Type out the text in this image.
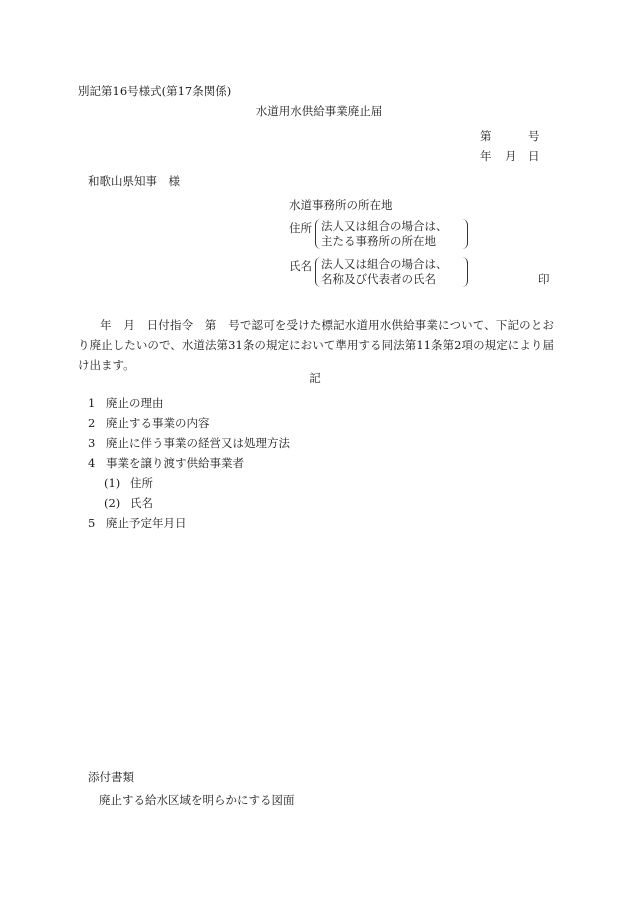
別記第16号様式(第17条関係)
水道用水供給事業廃止届
第	号
年 月 日
和歌山県知事　様
水道事務所の所在地
住所 法人又は組合の場合は、
主たる事務所の所在地
氏名 法人又は組合の場合は、
名称及び代表者の氏名	印

年　月　日付指令　第　号で認可を受けた標記水道用水供給事業について、下記のとおり廃止したいので、水道法第31条の規定において準用する同法第11条第2項の規定により届け出ます。

記
1 廃止の理由
2 廃止する事業の内容
3 廃止に伴う事業の経営又は処理方法
4 事業を譲り渡す供給事業者
(1) 住所
(2) 氏名
5 廃止予定年月日
添付書類
廃止する給水区域を明らかにする図面
